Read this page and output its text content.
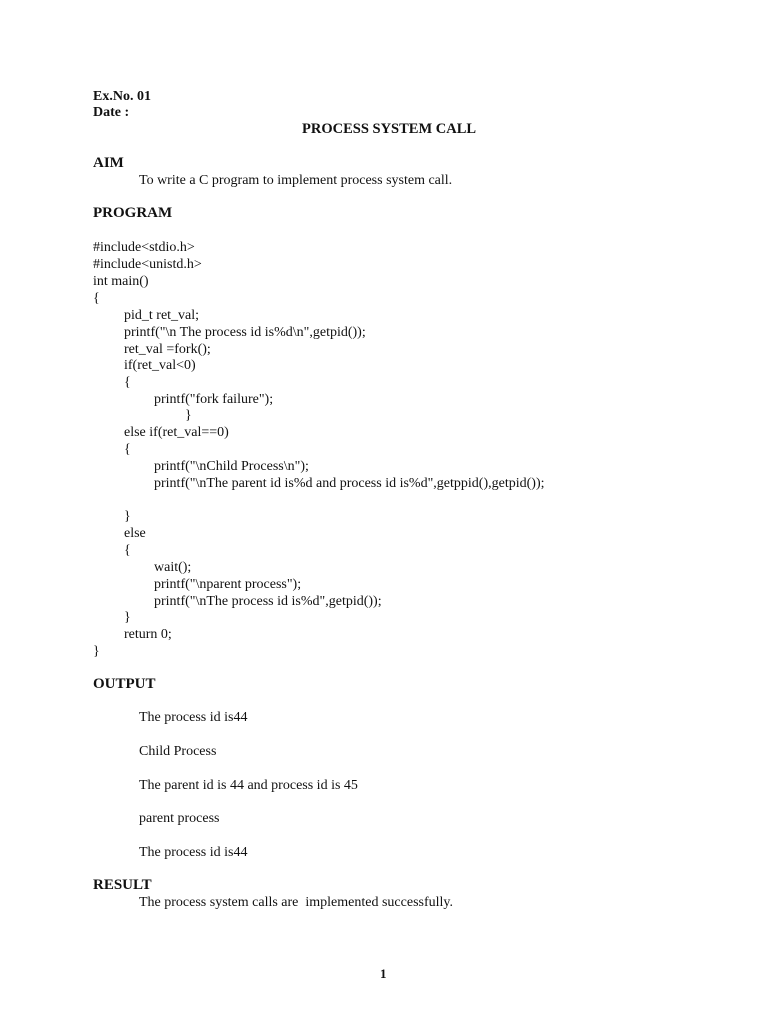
Ex.No. 01
Date :
PROCESS SYSTEM CALL
AIM
To write a C program to implement process system call.
PROGRAM
#include<stdio.h>
#include<unistd.h>
int main()
{
pid_t ret_val;
printf("\n The process id is%d\n",getpid());
ret_val =fork();
if(ret_val<0)
{
printf("fork failure");
}
else if(ret_val==0)
{
printf("\nChild Process\n");
printf("\nThe parent id is%d and process id is%d",getppid(),getpid());
}
else
{
wait();
printf("\nparent process");
printf("\nThe process id is%d",getpid());
}
return 0;
}
OUTPUT
The process id is44
Child Process
The parent id is 44 and process id is 45
parent process
The process id is44
RESULT
The process system calls are  implemented successfully.
1
